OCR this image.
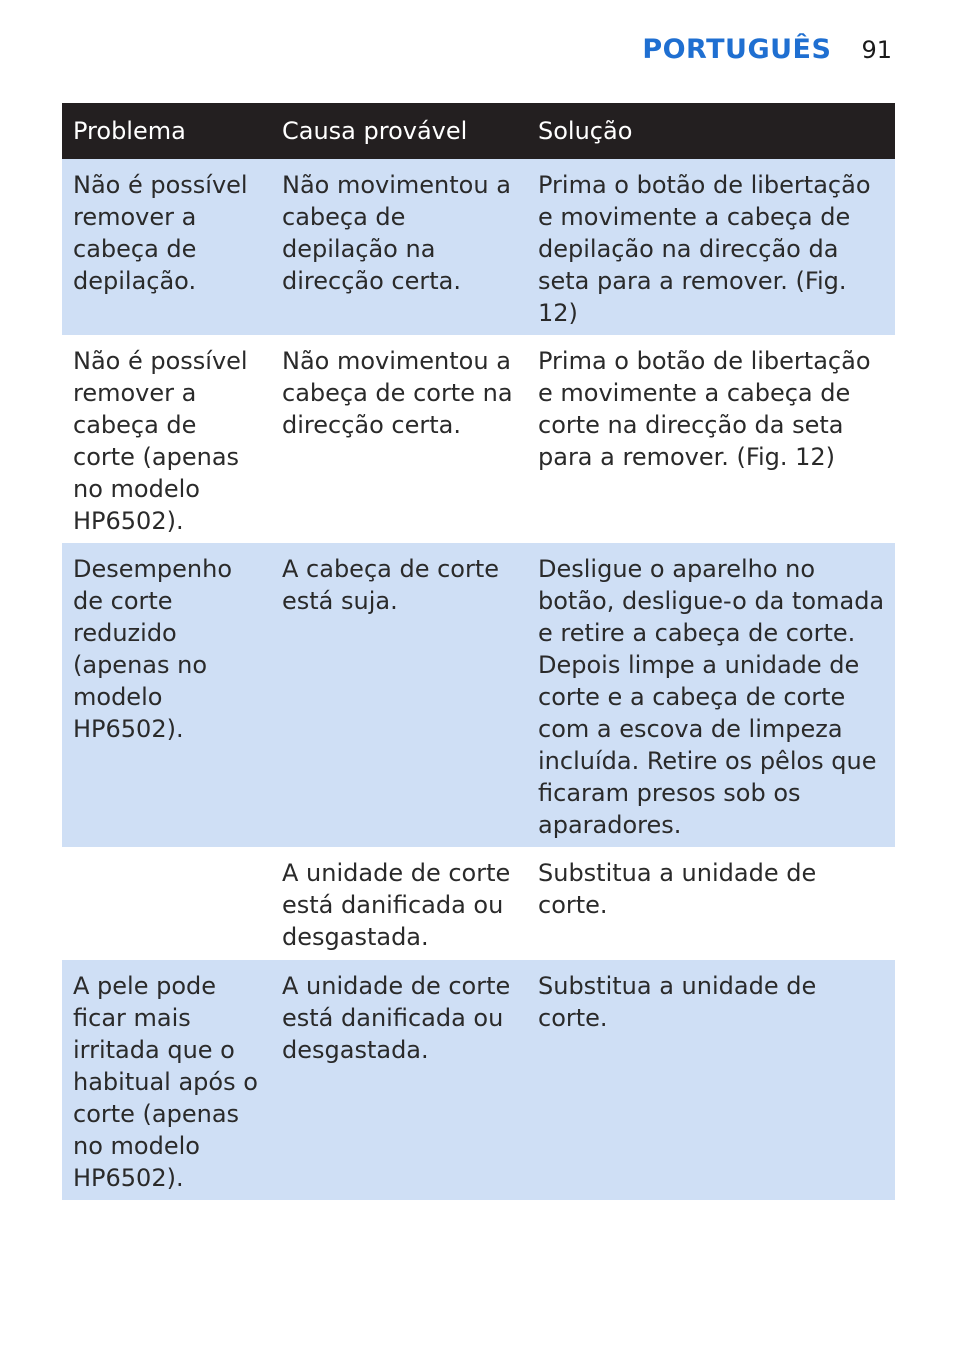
PORTUGUÊS 91
Problema	Causa provável	Solução
Não é possível remover a cabeça de depilação.	Não movimentou a cabeça de depilação na direcção certa.	Prima o botão de libertação e movimente a cabeça de depilação na direcção da seta para a remover. (Fig. 12)
Não é possível remover a cabeça de corte (apenas no modelo HP6502).	Não movimentou a cabeça de corte na direcção certa.	Prima o botão de libertação e movimente a cabeça de corte na direcção da seta para a remover. (Fig. 12)
Desempenho de corte reduzido (apenas no modelo HP6502).	A cabeça de corte está suja.	Desligue o aparelho no botão, desligue-o da tomada e retire a cabeça de corte. Depois limpe a unidade de corte e a cabeça de corte com a escova de limpeza incluída. Retire os pêlos que ficaram presos sob os aparadores.
	A unidade de corte está danificada ou desgastada.	Substitua a unidade de corte.
A pele pode ficar mais irritada que o habitual após o corte (apenas no modelo HP6502).	A unidade de corte está danificada ou desgastada.	Substitua a unidade de corte.
